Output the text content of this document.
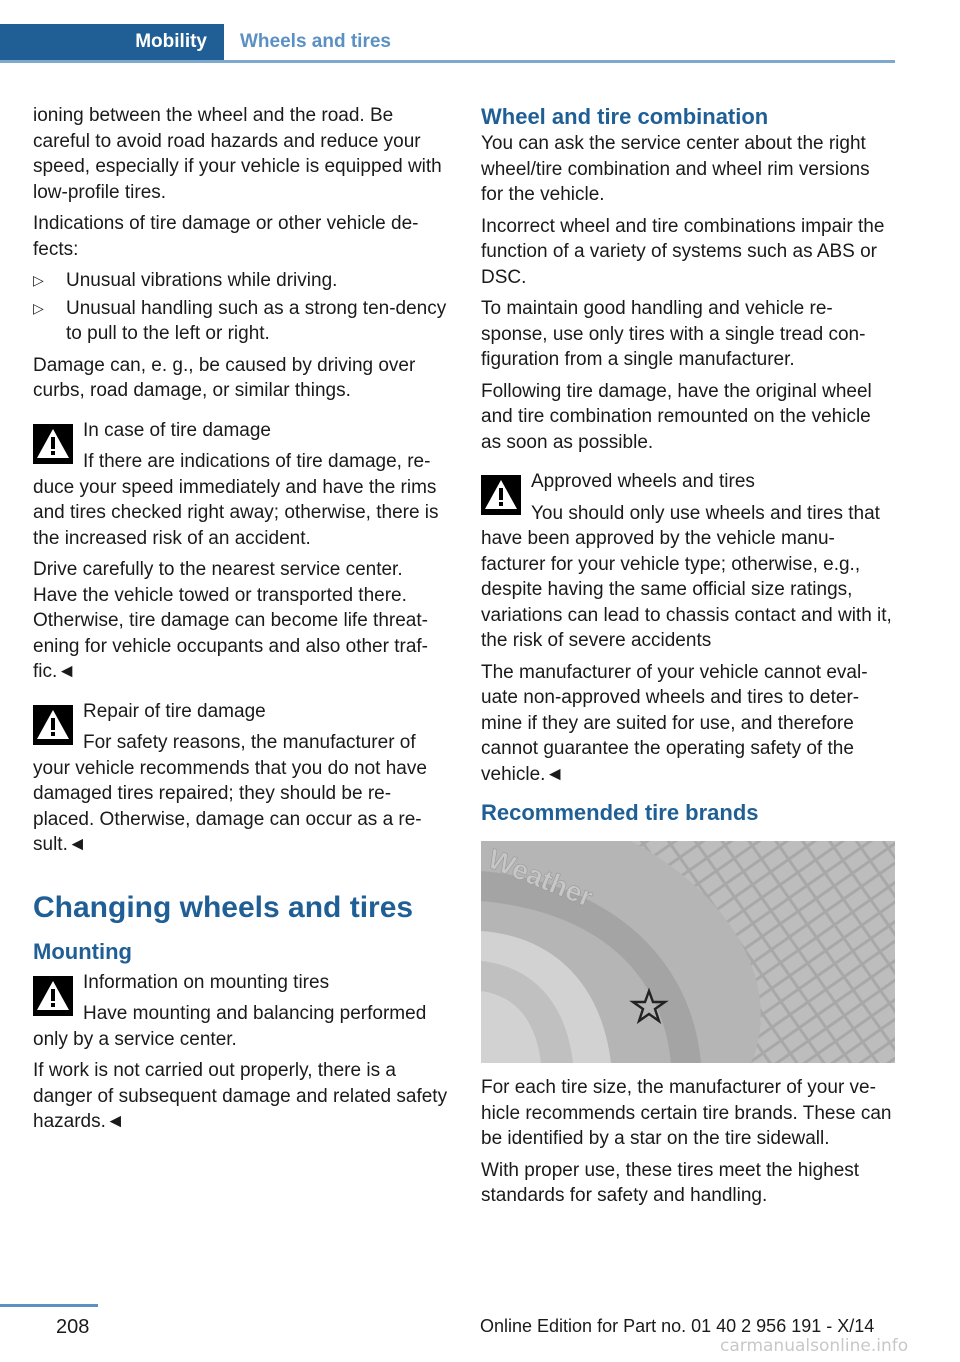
Mobility	Wheels and tires

ioning between the wheel and the road. Be careful to avoid road hazards and reduce your speed, especially if your vehicle is equipped with low-profile tires.

Indications of tire damage or other vehicle de-fects:

▷ Unusual vibrations while driving.
▷ Unusual handling such as a strong ten-dency to pull to the left or right.

Damage can, e. g., be caused by driving over curbs, road damage, or similar things.

In case of tire damage

If there are indications of tire damage, re-duce your speed immediately and have the rims and tires checked right away; otherwise, there is the increased risk of an accident.

Drive carefully to the nearest service center. Have the vehicle towed or transported there. Otherwise, tire damage can become life threat-ening for vehicle occupants and also other traf-fic.◄

Repair of tire damage

For safety reasons, the manufacturer of your vehicle recommends that you do not have damaged tires repaired; they should be re-placed. Otherwise, damage can occur as a re-sult.◄

Changing wheels and tires
Mounting

Information on mounting tires

Have mounting and balancing performed only by a service center.

If work is not carried out properly, there is a danger of subsequent damage and related safety hazards.◄

Wheel and tire combination

You can ask the service center about the right wheel/tire combination and wheel rim versions for the vehicle.

Incorrect wheel and tire combinations impair the function of a variety of systems such as ABS or DSC.

To maintain good handling and vehicle re-sponse, use only tires with a single tread con-figuration from a single manufacturer.

Following tire damage, have the original wheel and tire combination remounted on the vehicle as soon as possible.

Approved wheels and tires

You should only use wheels and tires that have been approved by the vehicle manu-facturer for your vehicle type; otherwise, e.g., despite having the same official size ratings, variations can lead to chassis contact and with it, the risk of severe accidents

The manufacturer of your vehicle cannot eval-uate non-approved wheels and tires to deter-mine if they are suited for use, and therefore cannot guarantee the operating safety of the vehicle.◄

Recommended tire brands
Weather

For each tire size, the manufacturer of your ve-hicle recommends certain tire brands. These can be identified by a star on the tire sidewall.

With proper use, these tires meet the highest standards for safety and handling.

208	Online Edition for Part no. 01 40 2 956 191 - X/14
carmanualsonline.info
